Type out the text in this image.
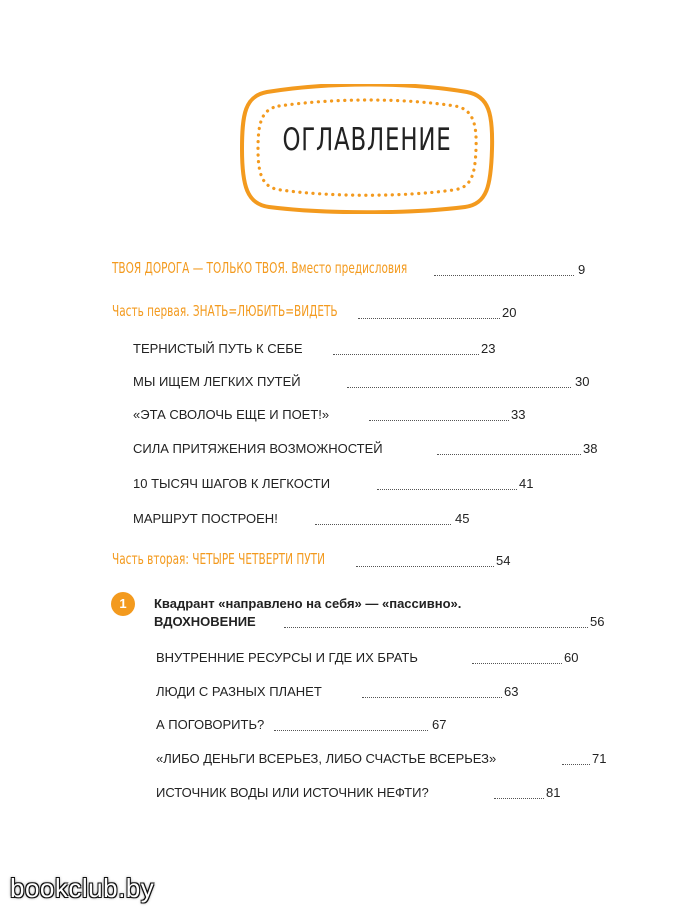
ОГЛАВЛЕНИЕ
ТВОЯ ДОРОГА — ТОЛЬКО ТВОЯ. Вместо предисловия	9
Часть первая. ЗНАТЬ=ЛЮБИТЬ=ВИДЕТЬ	20
ТЕРНИСТЫЙ ПУТЬ К СЕБЕ	23
МЫ ИЩЕМ ЛЕГКИХ ПУТЕЙ	30
«ЭТА СВОЛОЧЬ ЕЩЕ И ПОЕТ!»	33
СИЛА ПРИТЯЖЕНИЯ ВОЗМОЖНОСТЕЙ	38
10 ТЫСЯЧ ШАГОВ К ЛЕГКОСТИ	41
МАРШРУТ ПОСТРОЕН!	45
Часть вторая: ЧЕТЫРЕ ЧЕТВЕРТИ ПУТИ	54
1	Квадрант «направлено на себя» — «пассивно».
ВДОХНОВЕНИЕ	56
ВНУТРЕННИЕ РЕСУРСЫ И ГДЕ ИХ БРАТЬ	60
ЛЮДИ С РАЗНЫХ ПЛАНЕТ	63
А ПОГОВОРИТЬ?	67
«ЛИБО ДЕНЬГИ ВСЕРЬЕЗ, ЛИБО СЧАСТЬЕ ВСЕРЬЕЗ»	71
ИСТОЧНИК ВОДЫ ИЛИ ИСТОЧНИК НЕФТИ?	81
bookclub.by
